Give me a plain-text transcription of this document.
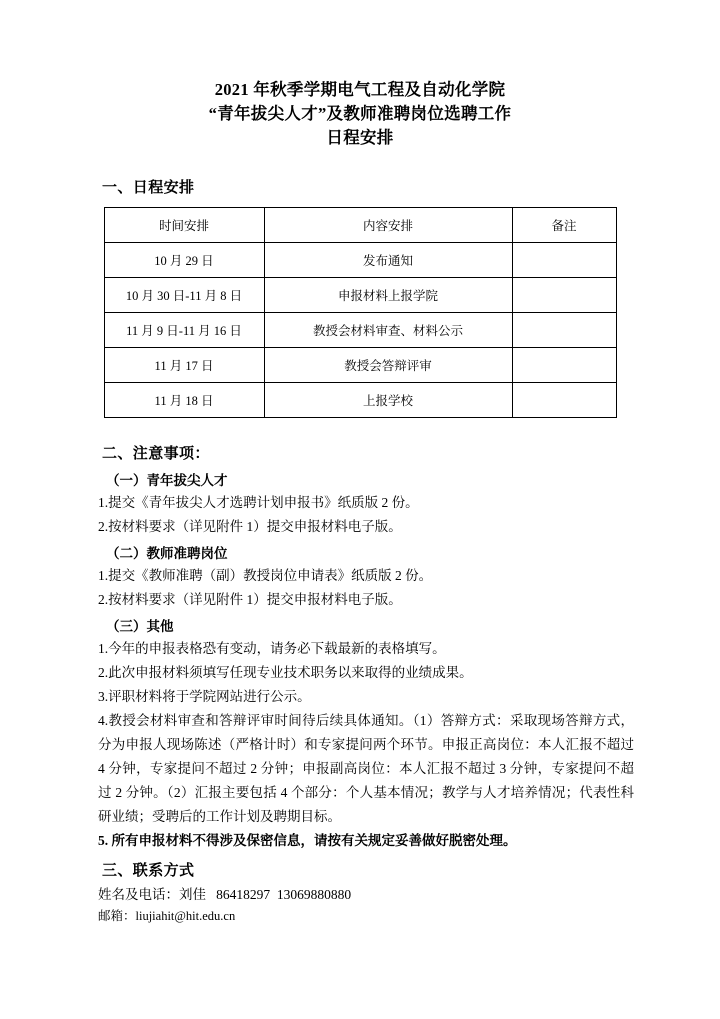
2021 年秋季学期电气工程及自动化学院
“青年拔尖人才”及教师准聘岗位选聘工作
日程安排
一、日程安排
时间安排	内容安排	备注
10 月 29 日	发布通知	
10 月 30 日-11 月 8 日	申报材料上报学院	
11 月 9 日-11 月 16 日	教授会材料审查、材料公示	
11 月 17 日	教授会答辩评审	
11 月 18 日	上报学校	
二、注意事项：
（一）青年拔尖人才
1.提交《青年拔尖人才选聘计划申报书》纸质版 2 份。
2.按材料要求（详见附件 1）提交申报材料电子版。
（二）教师准聘岗位
1.提交《教师准聘（副）教授岗位申请表》纸质版 2 份。
2.按材料要求（详见附件 1）提交申报材料电子版。
（三）其他
1.今年的申报表格恐有变动，请务必下载最新的表格填写。
2.此次申报材料须填写任现专业技术职务以来取得的业绩成果。
3.评职材料将于学院网站进行公示。
4.教授会材料审查和答辩评审时间待后续具体通知。（1）答辩方式：采取现场答辩方式，分为申报人现场陈述（严格计时）和专家提问两个环节。申报正高岗位：本人汇报不超过 4 分钟，专家提问不超过 2 分钟；申报副高岗位：本人汇报不超过 3 分钟，专家提问不超过 2 分钟。（2）汇报主要包括 4 个部分：个人基本情况；教学与人才培养情况；代表性科研业绩；受聘后的工作计划及聘期目标。
5. 所有申报材料不得涉及保密信息，请按有关规定妥善做好脱密处理。
三、联系方式
姓名及电话：刘佳 86418297 13069880880
邮箱：liujiahit@hit.edu.cn
